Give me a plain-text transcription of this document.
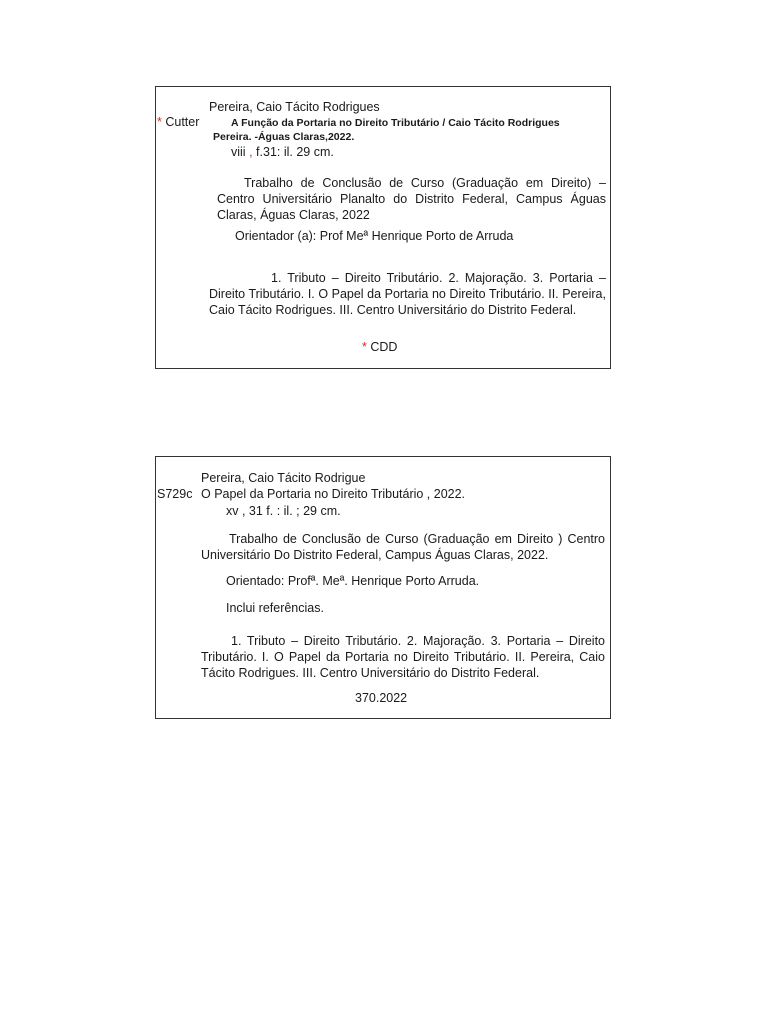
Pereira, Caio Tácito Rodrigues
* Cutter	A Função da Portaria no Direito Tributário / Caio Tácito Rodrigues
Pereira. -Águas Claras,2022.
viii , f.31: il. 29 cm.
Trabalho de Conclusão de Curso (Graduação em Direito) – Centro Universitário Planalto do Distrito Federal, Campus Águas Claras, Águas Claras, 2022
Orientador (a): Prof Meª Henrique Porto de Arruda
1. Tributo – Direito Tributário. 2. Majoração. 3. Portaria – Direito Tributário. I. O Papel da Portaria no Direito Tributário. II. Pereira, Caio Tácito Rodrigues. III. Centro Universitário do Distrito Federal.
* CDD
Pereira, Caio Tácito Rodrigue
S729c O Papel da Portaria no Direito Tributário , 2022.
xv , 31 f. : il. ; 29 cm.
Trabalho de Conclusão de Curso (Graduação em Direito ) Centro Universitário Do Distrito Federal, Campus Águas Claras, 2022.
Orientado: Profª. Meª. Henrique Porto Arruda.
Inclui referências.
1. Tributo – Direito Tributário. 2. Majoração. 3. Portaria – Direito Tributário. I. O Papel da Portaria no Direito Tributário. II. Pereira, Caio Tácito Rodrigues. III. Centro Universitário do Distrito Federal.
370.2022
